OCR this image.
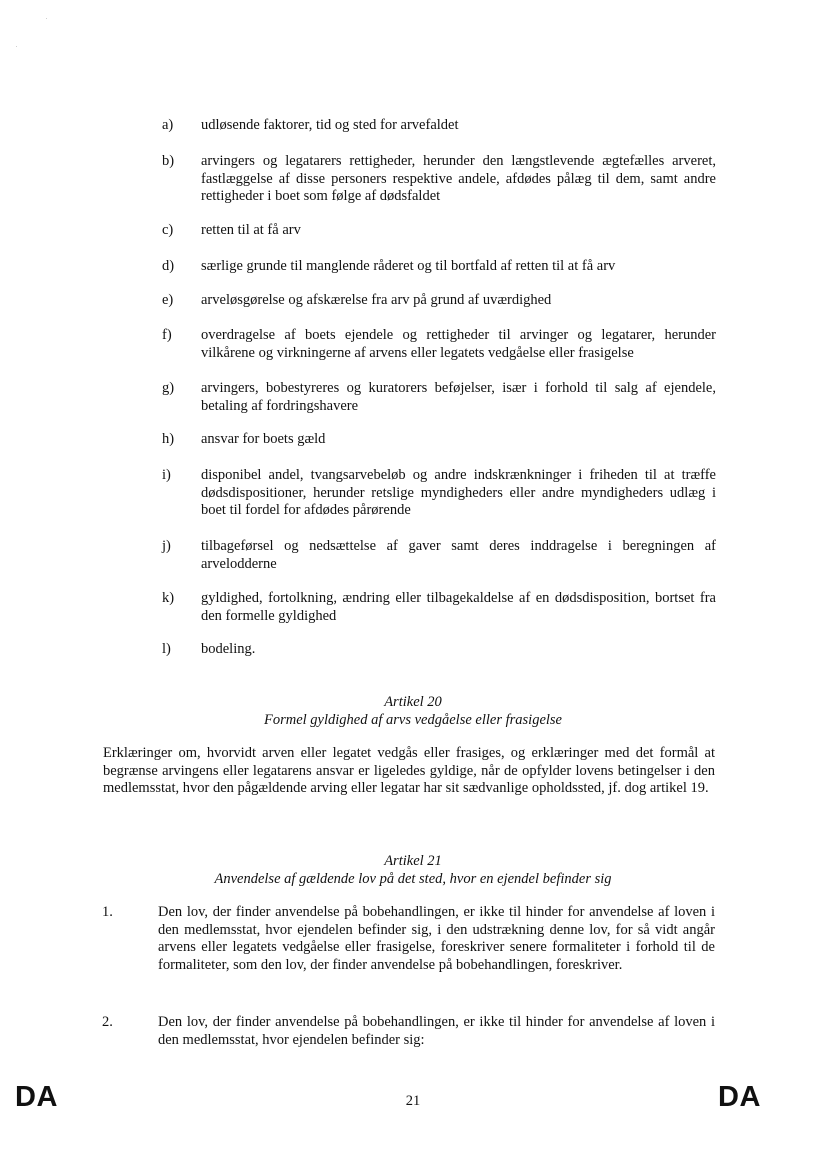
a) udløsende faktorer, tid og sted for arvefaldet
b) arvingers og legatarers rettigheder, herunder den længstlevende ægtefælles arveret, fastlæggelse af disse personers respektive andele, afdødes pålæg til dem, samt andre rettigheder i boet som følge af dødsfaldet
c) retten til at få arv
d) særlige grunde til manglende råderet og til bortfald af retten til at få arv
e) arveløsgørelse og afskærelse fra arv på grund af uværdighed
f) overdragelse af boets ejendele og rettigheder til arvinger og legatarer, herunder vilkårene og virkningerne af arvens eller legatets vedgåelse eller frasigelse
g) arvingers, bobestyreres og kuratorers beføjelser, især i forhold til salg af ejendele, betaling af fordringshavere
h) ansvar for boets gæld
i) disponibel andel, tvangsarvebeløb og andre indskrænkninger i friheden til at træffe dødsdispositioner, herunder retslige myndigheders eller andre myndigheders udlæg i boet til fordel for afdødes pårørende
j) tilbageførsel og nedsættelse af gaver samt deres inddragelse i beregningen af arvelodderne
k) gyldighed, fortolkning, ændring eller tilbagekaldelse af en dødsdisposition, bortset fra den formelle gyldighed
l) bodeling.
Artikel 20
Formel gyldighed af arvs vedgåelse eller frasigelse
Erklæringer om, hvorvidt arven eller legatet vedgås eller frasiges, og erklæringer med det formål at begrænse arvingens eller legatarens ansvar er ligeledes gyldige, når de opfylder lovens betingelser i den medlemsstat, hvor den pågældende arving eller legatar har sit sædvanlige opholdssted, jf. dog artikel 19.
Artikel 21
Anvendelse af gældende lov på det sted, hvor en ejendel befinder sig
1.	Den lov, der finder anvendelse på bobehandlingen, er ikke til hinder for anvendelse af loven i den medlemsstat, hvor ejendelen befinder sig, i den udstrækning denne lov, for så vidt angår arvens eller legatets vedgåelse eller frasigelse, foreskriver senere formaliteter i forhold til de formaliteter, som den lov, der finder anvendelse på bobehandlingen, foreskriver.
2.	Den lov, der finder anvendelse på bobehandlingen, er ikke til hinder for anvendelse af loven i den medlemsstat, hvor ejendelen befinder sig:
DA	21	DA
